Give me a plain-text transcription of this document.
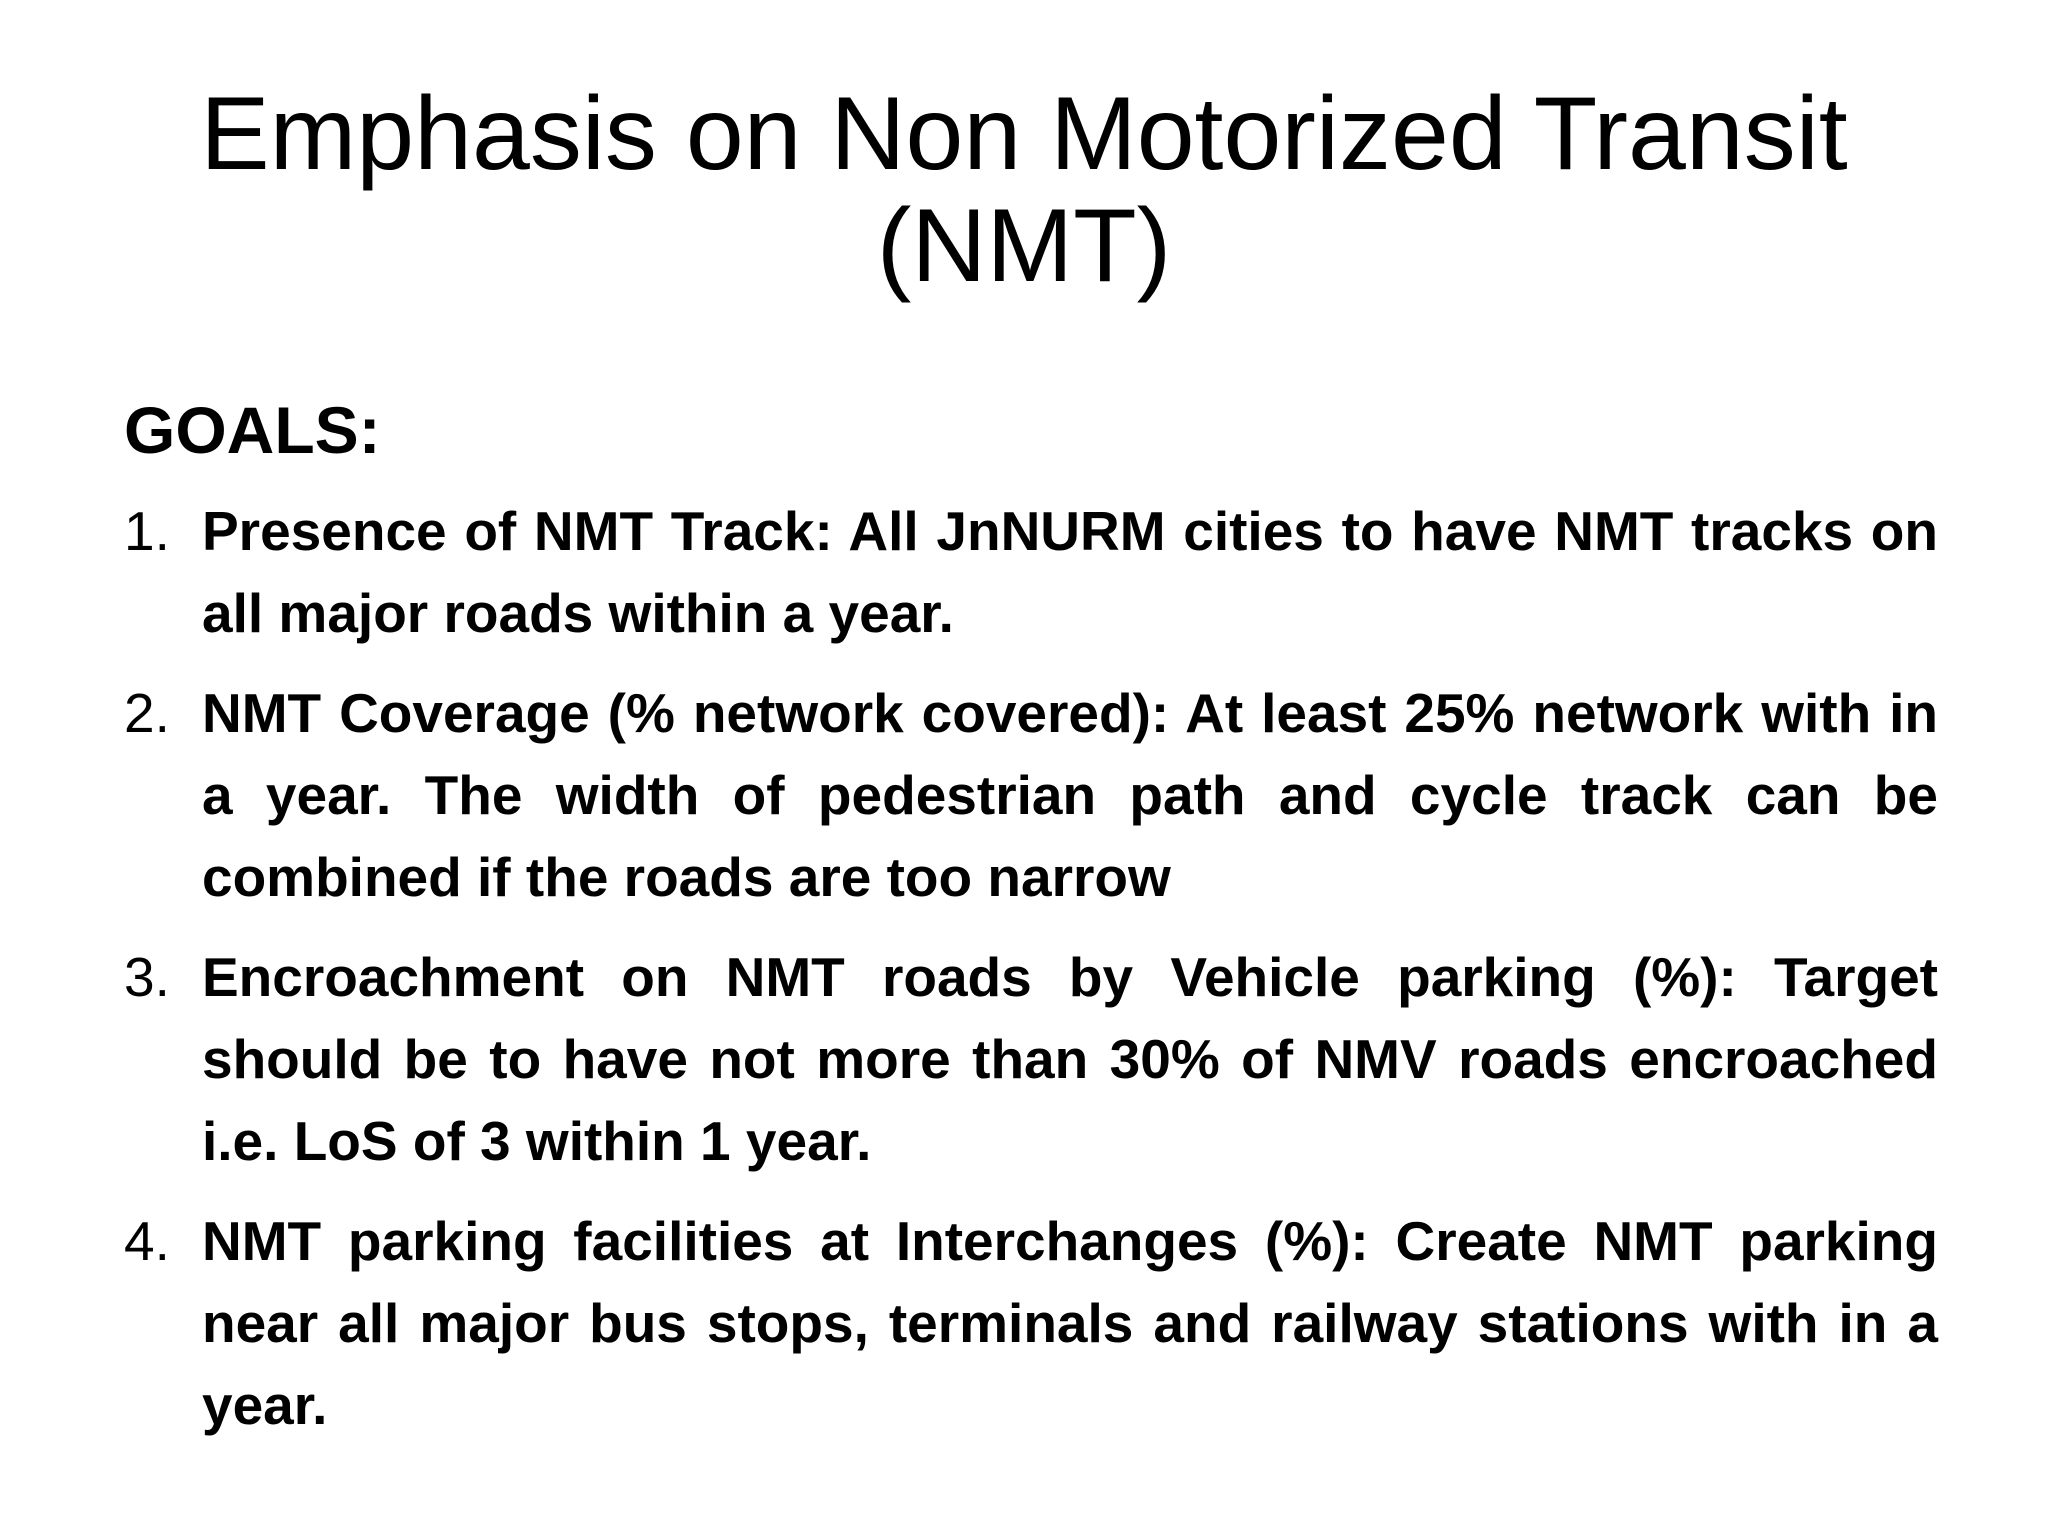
Emphasis on Non Motorized Transit
(NMT)
GOALS:
1. Presence of NMT Track: All JnNURM cities to have NMT tracks on all major roads within a year.
2. NMT Coverage (% network covered): At least 25% network with in a year. The width of pedestrian path and cycle track can be combined if the roads are too narrow
3. Encroachment on NMT roads by Vehicle parking (%): Target should be to have not more than 30% of NMV roads encroached i.e. LoS of 3 within 1 year.
4. NMT parking facilities at Interchanges (%): Create NMT parking near all major bus stops, terminals and railway stations with in a year.
